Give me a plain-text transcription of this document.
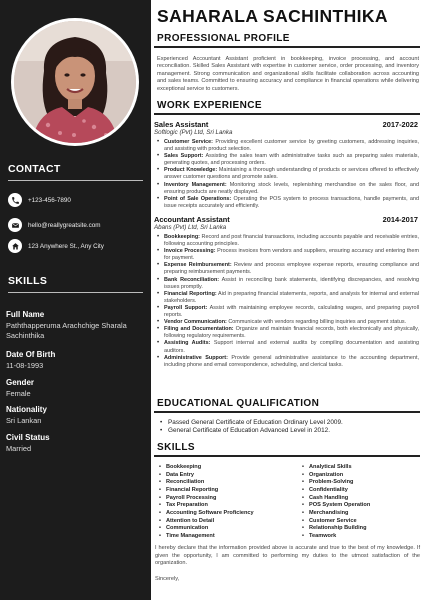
CONTACT
+123-456-7890
hello@reallygreatsite.com
123 Anywhere St., Any City
SKILLS
Full Name
Paththapperuma Arachchige Sharala Sachinthika
Date Of Birth
11-08-1993
Gender
Female
Nationality
Sri Lankan
Civil Status
Married
SAHARALA SACHINTHIKA
PROFESSIONAL PROFILE
Experienced Accountant Assistant proficient in bookkeeping, invoice processing, and account reconciliation. Skilled Sales Assistant with expertise in customer service, order processing, and inventory management. Strong communication and organizational skills facilitate collaboration across accounting and sales teams. Committed to ensuring accuracy and compliance in financial operations while delivering exceptional service to customers.
WORK EXPERIENCE
Sales Assistant	2017-2022
Softlogic (Pvt) Ltd, Sri Lanka
• Customer Service: Providing excellent customer service by greeting customers, addressing inquiries, and assisting with product selection.
• Sales Support: Assisting the sales team with administrative tasks such as preparing sales materials, generating quotes, and processing orders.
• Product Knowledge: Maintaining a thorough understanding of products or services offered to effectively answer customer questions and promote sales.
• Inventory Management: Monitoring stock levels, replenishing merchandise on the sales floor, and ensuring products are neatly displayed.
• Point of Sale Operations: Operating the POS system to process transactions, handle payments, and issue receipts accurately and efficiently.
Accountant Assistant	2014-2017
Abans (Pvt) Ltd, Sri Lanka
• Bookkeeping: Record and post financial transactions, including accounts payable and receivable entries, following accounting principles.
• Invoice Processing: Process invoices from vendors and suppliers, ensuring accuracy and entering them for payment.
• Expense Reimbursement: Review and process employee expense reports, ensuring compliance and preparing reimbursement payments.
• Bank Reconciliation: Assist in reconciling bank statements, identifying discrepancies, and resolving issues promptly.
• Financial Reporting: Aid in preparing financial statements, reports, and analysis for internal and external stakeholders.
• Payroll Support: Assist with maintaining employee records, calculating wages, and preparing payroll reports.
• Vendor Communication: Communicate with vendors regarding billing inquiries and payment status.
• Filing and Documentation: Organize and maintain financial records, both electronically and physically, following regulatory requirements.
• Assisting Audits: Support internal and external audits by compiling documentation and assisting auditors.
• Administrative Support: Provide general administrative assistance to the accounting department, including phone and email correspondence, scheduling, and clerical tasks.
EDUCATIONAL QUALIFICATION
• Passed General Certificate of Education Ordinary Level 2009.
• General Certificate of Education Advanced Level in 2012.
SKILLS
• Bookkeeping
• Data Entry
• Reconciliation
• Financial Reporting
• Payroll Processing
• Tax Preparation
• Accounting Software Proficiency
• Attention to Detail
• Communication
• Time Management
• Analytical Skills
• Organization
• Problem-Solving
• Confidentiality
• Cash Handling
• POS System Operation
• Merchandising
• Customer Service
• Relationship Building
• Teamwork
I hereby declare that the information provided above is accurate and true to the best of my knowledge. If given the opportunity, I am committed to performing my duties to the utmost satisfaction of the organization.
Sincerely,
